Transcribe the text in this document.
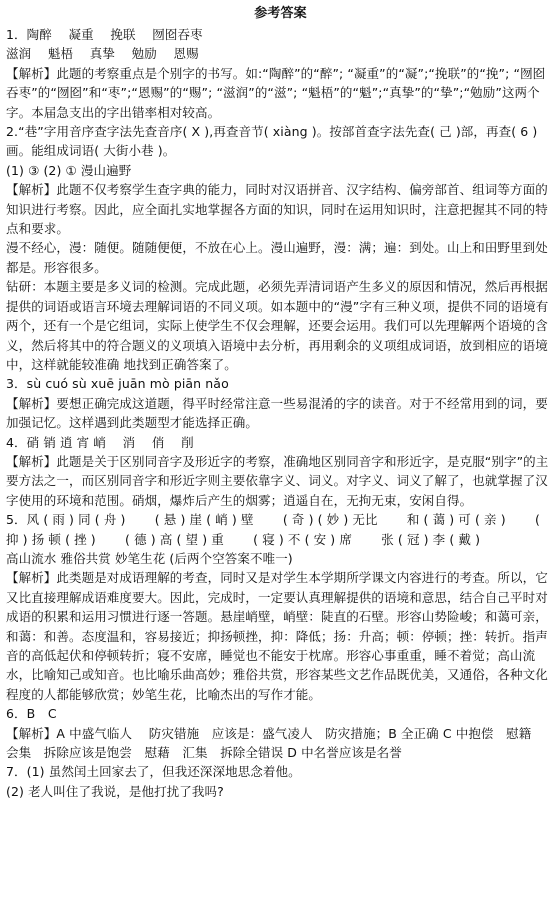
参考答案

1．陶醉　 凝重　 挽联　 囫囵吞枣

滋润　 魁梧　 真挚　 勉励　 恩赐

【解析】此题的考察重点是个别字的书写。如:“陶醉”的“醉”; “凝重”的“凝”;“挽联”的“挽”; “囫囵吞枣”的“囫囵”和“枣”;“恩赐”的“赐”; “滋润”的“滋”; “魁梧”的“魁”;“真挚”的“挚”;“勉励”这两个字。本届急支出的字出错率相对较高。

2.“巷”字用音序查字法先查音序( X ),再查音节( xiàng )。按部首查字法先查( 己 )部，再查( 6 )画。能组成词语( 大街小巷 )。

(1) ③ (2) ① 漫山遍野

【解析】此题不仅考察学生查字典的能力，同时对汉语拼音、汉字结构、偏旁部首、组词等方面的知识进行考察。因此，应全面扎实地掌握各方面的知识，同时在运用知识时，注意把握其不同的特点和要求。

漫不经心，漫：随便。随随便便，不放在心上。漫山遍野，漫：满；遍：到处。山上和田野里到处都是。形容很多。

钻研：本题主要是多义词的检测。完成此题，必须先弄清词语产生多义的原因和情况，然后再根据提供的词语或语言环境去理解词语的不同义项。如本题中的“漫”字有三种义项，提供不同的语境有两个，还有一个是它组词，实际上使学生不仅会理解，还要会运用。我们可以先理解两个语境的含义，然后将其中的符合题义的义项填入语境中去分析，再用剩余的义项组成词语，放到相应的语境中，这样就能较准确 地找到正确答案了。

3．sù cuó sù xuē juān mò piān nǎo

【解析】要想正确完成这道题，得平时经常注意一些易混淆的字的读音。对于不经常用到的词，要加强记忆。这样遇到此类题型才能选择正确。

4．硝 销 逍 宵 峭　 消　 俏　 削

【解析】此题是关于区别同音字及形近字的考察，准确地区别同音字和形近字，是克服“别字”的主要方法之一，而区别同音字和形近字则主要依靠字义、词义。对字义、词义了解了，也就掌握了汉字使用的环境和范围。硝烟，爆炸后产生的烟雾；逍遥自在，无拘无束，安闲自得。

5．风 ( 雨 ) 同 ( 舟 )　　 ( 悬 ) 崖 ( 峭 ) 壁　　 ( 奇 ) ( 妙 ) 无比　　 和 ( 蔼 ) 可 ( 亲 )　　 ( 抑 ) 扬 顿 ( 挫 )　　 ( 德 ) 高 ( 望 ) 重　　 ( 寝 ) 不 ( 安 ) 席　　 张 ( 冠 ) 李 ( 戴 )

高山流水 雅俗共赏 妙笔生花 (后两个空答案不唯一)

【解析】此类题是对成语理解的考查，同时又是对学生本学期所学课文内容进行的考查。所以，它又比直接理解成语难度要大。因此，完成时，一定要认真理解提供的语境和意思，结合自己平时对成语的积累和运用习惯进行逐一答题。悬崖峭壁，峭壁：陡直的石壁。形容山势险峻；和蔼可亲，和蔼：和善。态度温和，容易接近；抑扬顿挫，抑：降低；扬：升高；顿：停顿；挫：转折。指声音的高低起伏和停顿转折；寝不安席，睡觉也不能安于枕席。形容心事重重，睡不着觉；高山流水，比喻知己或知音。也比喻乐曲高妙；雅俗共赏，形容某些文艺作品既优美，又通俗，各种文化程度的人都能够欣赏；妙笔生花，比喻杰出的写作才能。

6．B　C

【解析】A 中盛气临人　 防灾错施　应该是：盛气凌人　防灾措施；B 全正确 C 中抱偿　慰籍　会集　拆除应该是饱尝　慰藉　汇集　拆除全错误 D 中名誉应该是名誉

7．(1) 虽然闰土回家去了，但我还深深地思念着他。

(2) 老人叫住了我说，是他打扰了我吗?
